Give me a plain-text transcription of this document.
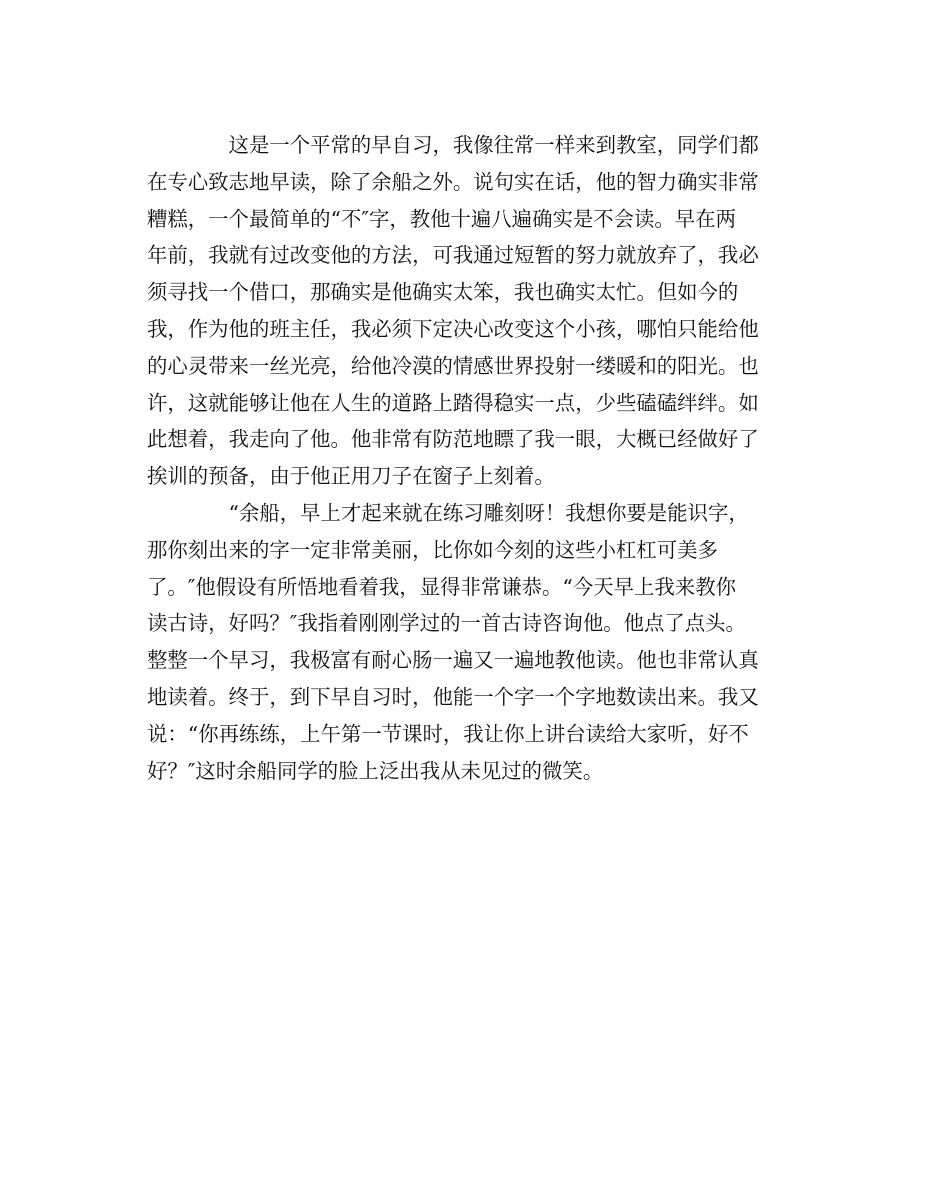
　　　　这是一个平常的早自习，我像往常一样来到教室，同学们都
在专心致志地早读，除了余船之外。说句实在话，他的智力确实非常
糟糕，一个最简单的“不″字，教他十遍八遍确实是不会读。早在两
年前，我就有过改变他的方法，可我通过短暂的努力就放弃了，我必
须寻找一个借口，那确实是他确实太笨，我也确实太忙。但如今的
我，作为他的班主任，我必须下定决心改变这个小孩，哪怕只能给他
的心灵带来一丝光亮，给他冷漠的情感世界投射一缕暖和的阳光。也
许，这就能够让他在人生的道路上踏得稳实一点，少些磕磕绊绊。如
此想着，我走向了他。他非常有防范地瞟了我一眼，大概已经做好了
挨训的预备，由于他正用刀子在窗子上刻着。
　　　　“余船，早上才起来就在练习雕刻呀！我想你要是能识字，
那你刻出来的字一定非常美丽，比你如今刻的这些小杠杠可美多
了。″他假设有所悟地看着我，显得非常谦恭。“今天早上我来教你
读古诗，好吗？″我指着刚刚学过的一首古诗咨询他。他点了点头。
整整一个早习，我极富有耐心肠一遍又一遍地教他读。他也非常认真
地读着。终于，到下早自习时，他能一个字一个字地数读出来。我又
说：“你再练练，上午第一节课时，我让你上讲台读给大家听，好不
好？″这时余船同学的脸上泛出我从未见过的微笑。
